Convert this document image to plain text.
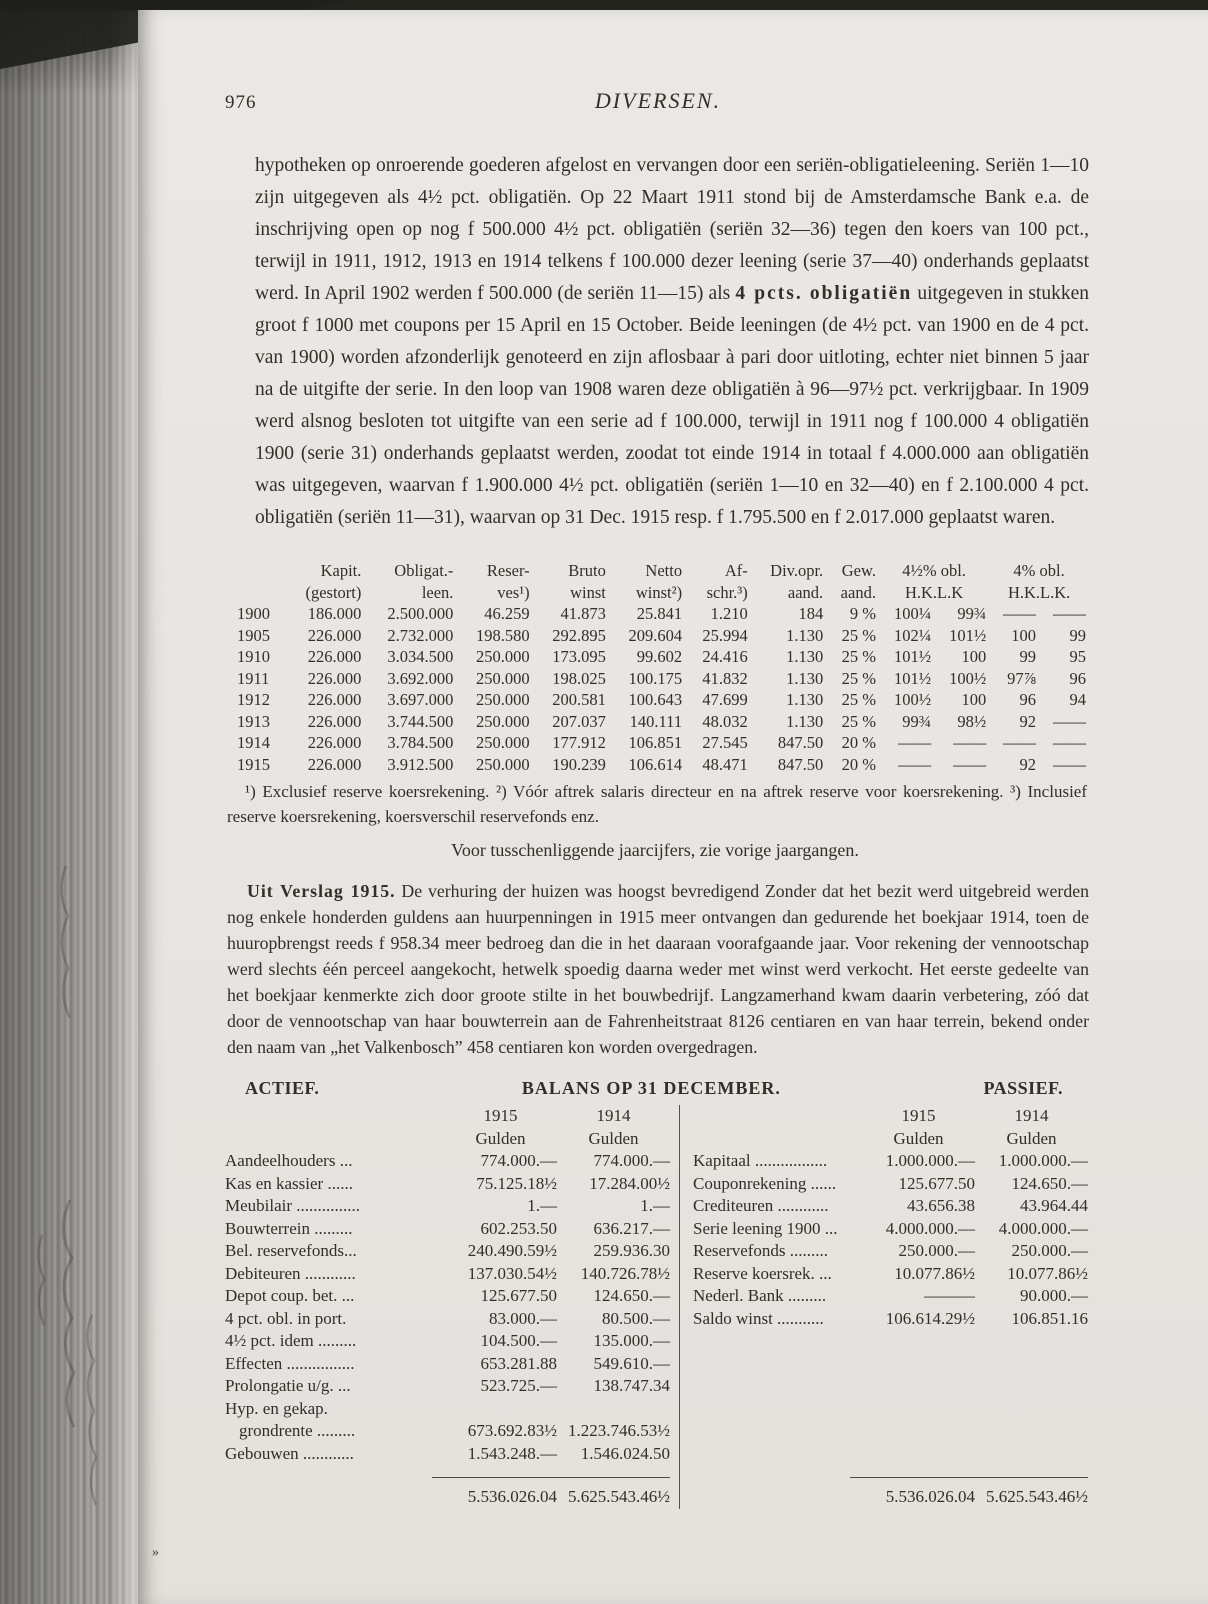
976	DIVERSEN.

hypotheken op onroerende goederen afgelost en vervangen door een seriën-obligatieleening. Seriën 1—10 zijn uitgegeven als 4½ pct. obligatiën. Op 22 Maart 1911 stond bij de Amsterdamsche Bank e.a. de inschrijving open op nog f 500.000 4½ pct. obligatiën (seriën 32—36) tegen den koers van 100 pct., terwijl in 1911, 1912, 1913 en 1914 telkens f 100.000 dezer leening (serie 37—40) onderhands geplaatst werd. In April 1902 werden f 500.000 (de seriën 11—15) als 4 pcts. obligatiën uitgegeven in stukken groot f 1000 met coupons per 15 April en 15 October. Beide leeningen (de 4½ pct. van 1900 en de 4 pct. van 1900) worden afzonderlijk genoteerd en zijn aflosbaar à pari door uitloting, echter niet binnen 5 jaar na de uitgifte der serie. In den loop van 1908 waren deze obligatiën à 96—97½ pct. verkrijgbaar. In 1909 werd alsnog besloten tot uitgifte van een serie ad f 100.000, terwijl in 1911 nog f 100.000 4 obligatiën 1900 (serie 31) onderhands geplaatst werden, zoodat tot einde 1914 in totaal f 4.000.000 aan obligatiën was uitgegeven, waarvan f 1.900.000 4½ pct. obligatiën (seriën 1—10 en 32—40) en f 2.100.000 4 pct. obligatiën (seriën 11—31), waarvan op 31 Dec. 1915 resp. f 1.795.500 en f 2.017.000 geplaatst waren.

	Kapit.	Obligat.-	Reser-	Bruto	Netto	Af-	Div.opr.	Gew.	4½% obl.		4% obl.	
	(gestort)	leen.	ves¹)	winst	winst²)	schr.³)	aand.	aand.	H.K.L.K		H.K.L.K.	
1900	186.000	2.500.000	46.259	41.873	25.841	1.210	184	9 %	100¼	99¾	——	——
1905	226.000	2.732.000	198.580	292.895	209.604	25.994	1.130	25 %	102¼	101½	100	99
1910	226.000	3.034.500	250.000	173.095	99.602	24.416	1.130	25 %	101½	100	99	95
1911	226.000	3.692.000	250.000	198.025	100.175	41.832	1.130	25 %	101½	100½	97⅞	96
1912	226.000	3.697.000	250.000	200.581	100.643	47.699	1.130	25 %	100½	100	96	94
1913	226.000	3.744.500	250.000	207.037	140.111	48.032	1.130	25 %	99¾	98½	92	——
1914	226.000	3.784.500	250.000	177.912	106.851	27.545	847.50	20 %	——	——	——	——
1915	226.000	3.912.500	250.000	190.239	106.614	48.471	847.50	20 %	——	——	92	——

¹) Exclusief reserve koersrekening. ²) Vóór aftrek salaris directeur en na aftrek reserve voor koersrekening. ³) Inclusief reserve koersrekening, koersverschil reservefonds enz.

Voor tusschenliggende jaarcijfers, zie vorige jaargangen.

Uit Verslag 1915. De verhuring der huizen was hoogst bevredigend Zonder dat het bezit werd uitgebreid werden nog enkele honderden guldens aan huurpenningen in 1915 meer ontvangen dan gedurende het boekjaar 1914, toen de huuropbrengst reeds f 958.34 meer bedroeg dan die in het daaraan voorafgaande jaar. Voor rekening der vennootschap werd slechts één perceel aangekocht, hetwelk spoedig daarna weder met winst werd verkocht. Het eerste gedeelte van het boekjaar kenmerkte zich door groote stilte in het bouwbedrijf. Langzamerhand kwam daarin verbetering, zóó dat door de vennootschap van haar bouwterrein aan de Fahrenheitstraat 8126 centiaren en van haar terrein, bekend onder den naam van „het Valkenbosch” 458 centiaren kon worden overgedragen.

ACTIEF.	BALANS OP 31 DECEMBER.	PASSIEF.
1915	1914
Gulden	Gulden
Aandeelhouders ...	774.000.—	774.000.—
Kas en kassier ......	75.125.18½	17.284.00½
Meubilair ...............	1.—	1.—
Bouwterrein .........	602.253.50	636.217.—
Bel. reservefonds...	240.490.59½	259.936.30
Debiteuren ............	137.030.54½	140.726.78½
Depot coup. bet. ...	125.677.50	124.650.—
4 pct. obl. in port.	83.000.—	80.500.—
4½ pct. idem .........	104.500.—	135.000.—
Effecten ................	653.281.88	549.610.—
Prolongatie u/g. ...	523.725.—	138.747.34
Hyp. en gekap.
grondrente .........	673.692.83½ 1.223.746.53½
Gebouwen ............	1.543.248.—	1.546.024.50
5.536.026.04 5.625.543.46½
1915	1914
Gulden	Gulden
Kapitaal .................	1.000.000.—	1.000.000.—
Couponrekening ......	125.677.50	124.650.—
Crediteuren ............	43.656.38	43.964.44
Serie leening 1900 ...	4.000.000.—	4.000.000.—
Reservefonds .........	250.000.—	250.000.—
Reserve koersrek. ...	10.077.86½	10.077.86½
Nederl. Bank .........	———	90.000.—
Saldo winst ...........	106.614.29½	106.851.16
5.536.026.04 5.625.543.46½
»
